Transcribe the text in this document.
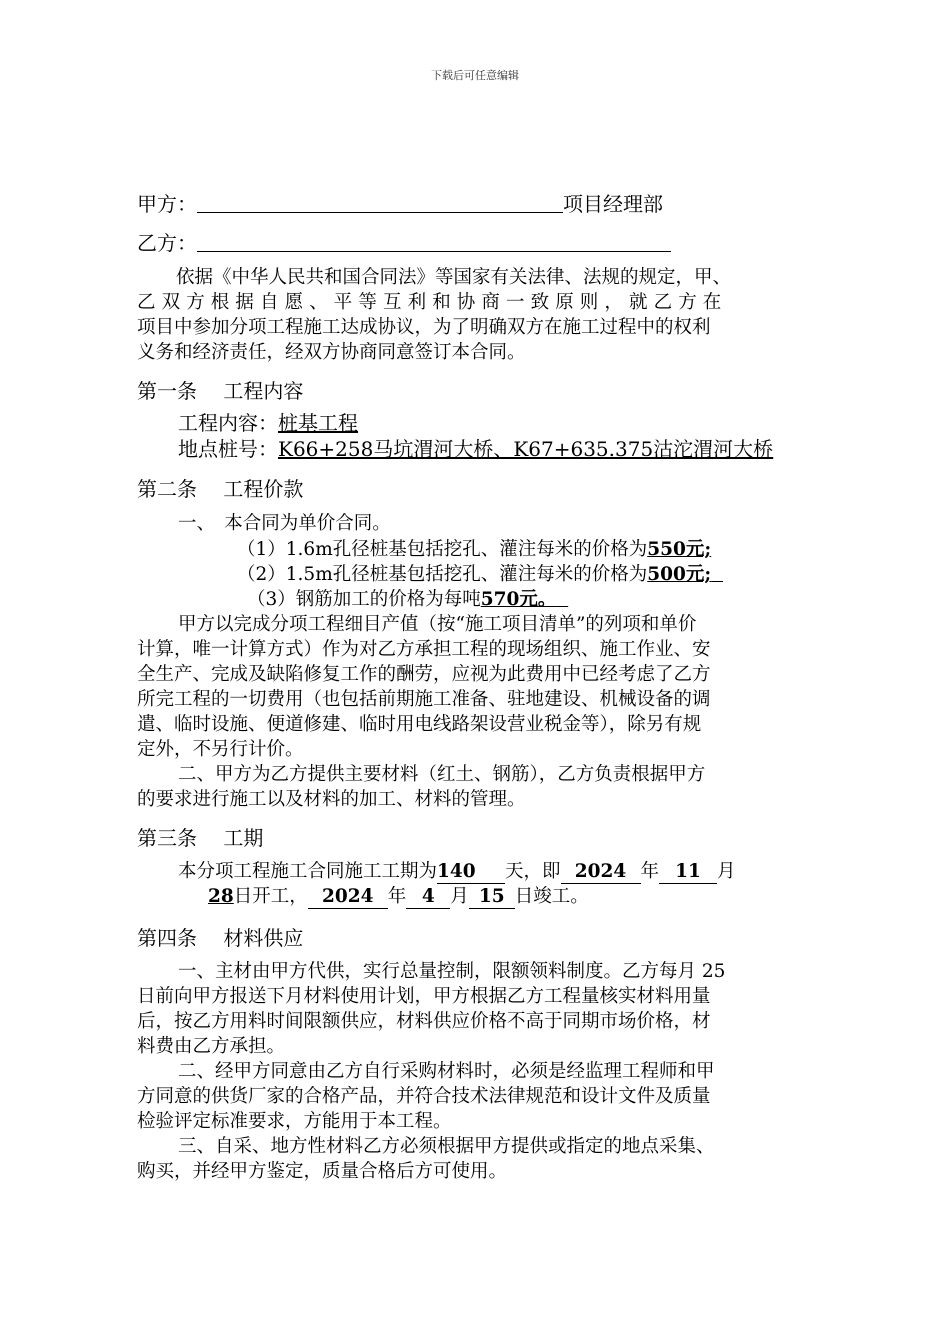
下载后可任意编辑
甲方：	项目经理部
乙方：
依据《中华人民共和国合同法》等国家有关法律、法规的规定，甲、
乙双方根据自愿、平等互利和协商一致原则，就乙方在
项目中参加分项工程施工达成协议，为了明确双方在施工过程中的权利
义务和经济责任，经双方协商同意签订本合同。
第一条　 工程内容
工程内容：桩基工程
地点桩号：K66+258马坑渭河大桥、K67+635.375沽沱渭河大桥
第二条　 工程价款
一、　本合同为单价合同。
（1）1.6m孔径桩基包括挖孔、灌注每米的价格为550元;
（2）1.5m孔径桩基包括挖孔、灌注每米的价格为500元;
（3）钢筋加工的价格为每吨570元。
甲方以完成分项工程细目产值（按“施工项目清单”的列项和单价
计算，唯一计算方式）作为对乙方承担工程的现场组织、施工作业、安
全生产、完成及缺陷修复工作的酬劳，应视为此费用中已经考虑了乙方
所完工程的一切费用（也包括前期施工准备、驻地建设、机械设备的调
遣、临时设施、便道修建、临时用电线路架设营业税金等），除另有规
定外，不另行计价。
二、甲方为乙方提供主要材料（红土、钢筋），乙方负责根据甲方
的要求进行施工以及材料的加工、材料的管理。
第三条　 工期
本分项工程施工合同施工工期为140 天，即 2024 年 11 月
28日开工， 2024 年 4 月 15 日竣工。
第四条　 材料供应
一、主材由甲方代供，实行总量控制，限额领料制度。乙方每月 25
日前向甲方报送下月材料使用计划，甲方根据乙方工程量核实材料用量
后，按乙方用料时间限额供应，材料供应价格不高于同期市场价格，材
料费由乙方承担。
二、经甲方同意由乙方自行采购材料时，必须是经监理工程师和甲
方同意的供货厂家的合格产品，并符合技术法律规范和设计文件及质量
检验评定标准要求，方能用于本工程。
三、自采、地方性材料乙方必须根据甲方提供或指定的地点采集、
购买，并经甲方鉴定，质量合格后方可使用。
